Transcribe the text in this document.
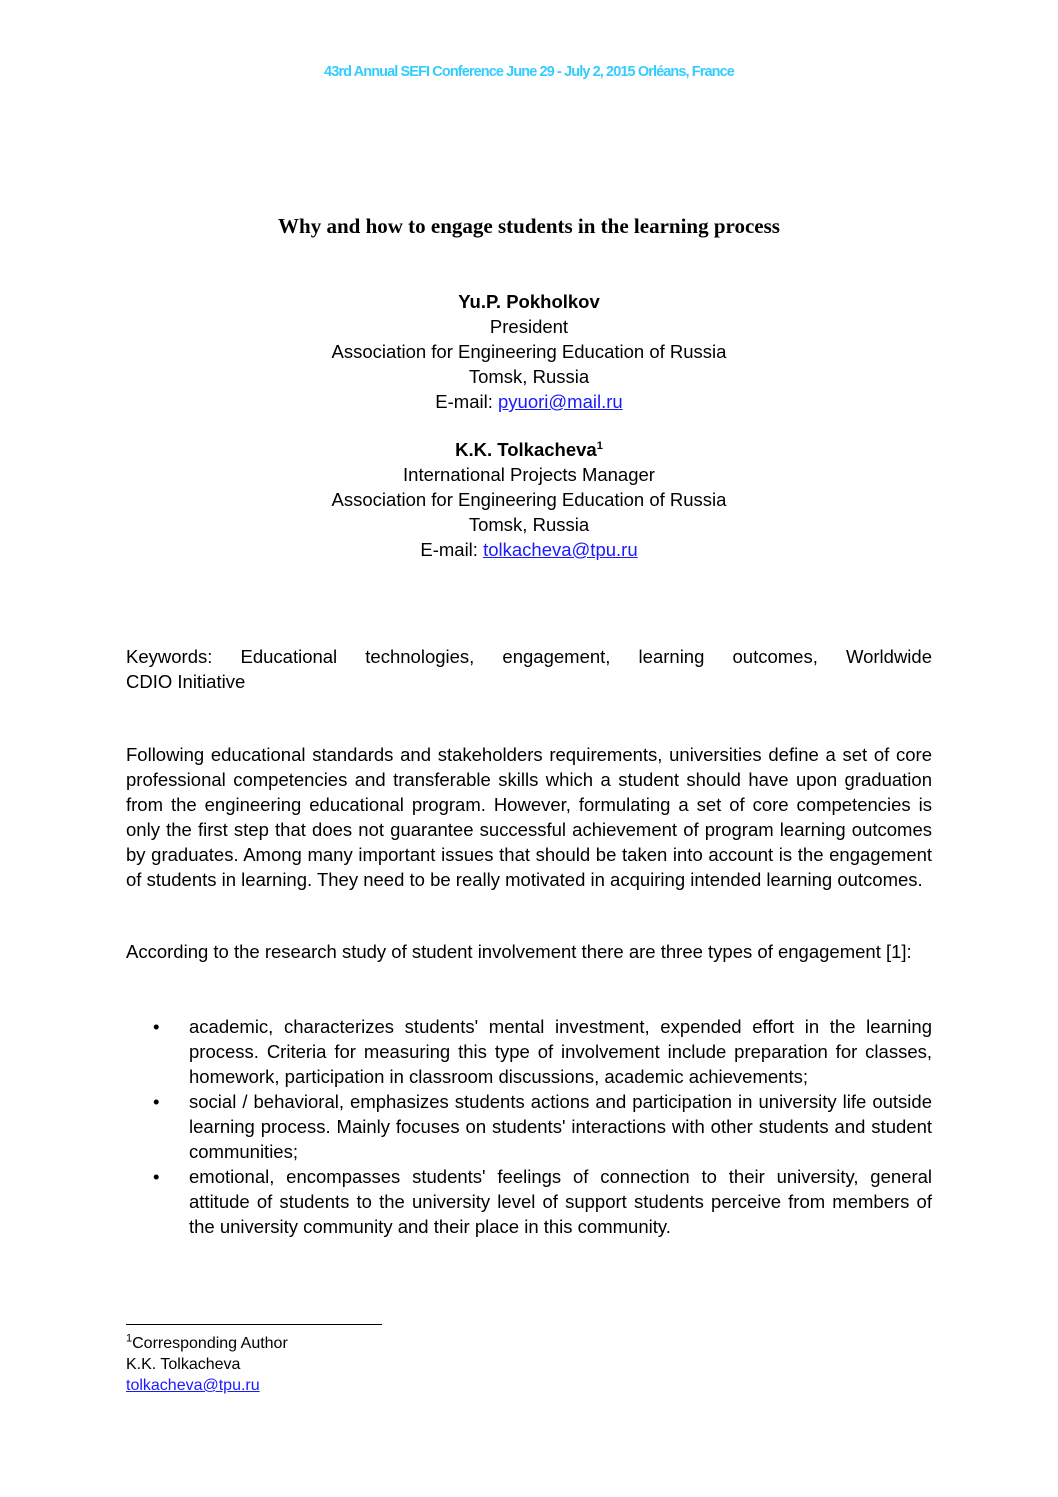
43rd Annual SEFI Conference June 29 - July 2, 2015 Orléans, France
Why and how to engage students in the learning process
Yu.P. Pokholkov
President
Association for Engineering Education of Russia
Tomsk, Russia
E-mail: pyuori@mail.ru
K.K. Tolkacheva$^1$
International Projects Manager
Association for Engineering Education of Russia
Tomsk, Russia
E-mail: tolkacheva@tpu.ru
Keywords: Educational technologies, engagement, learning outcomes, Worldwide
CDIO Initiative
Following educational standards and stakeholders requirements, universities define a set of core professional competencies and transferable skills which a student should have upon graduation from the engineering educational program. However, formulating a set of core competencies is only the first step that does not guarantee successful achievement of program learning outcomes by graduates. Among many important issues that should be taken into account is the engagement of students in learning. They need to be really motivated in acquiring intended learning outcomes.
According to the research study of student involvement there are three types of engagement [1]:
• academic, characterizes students' mental investment, expended effort in the learning process. Criteria for measuring this type of involvement include preparation for classes, homework, participation in classroom discussions, academic achievements;
• social / behavioral, emphasizes students actions and participation in university life outside learning process. Mainly focuses on students' interactions with other students and student communities;
• emotional, encompasses students' feelings of connection to their university, general attitude of students to the university level of support students perceive from members of the university community and their place in this community.
$^1$Corresponding Author
K.K. Tolkacheva
tolkacheva@tpu.ru
